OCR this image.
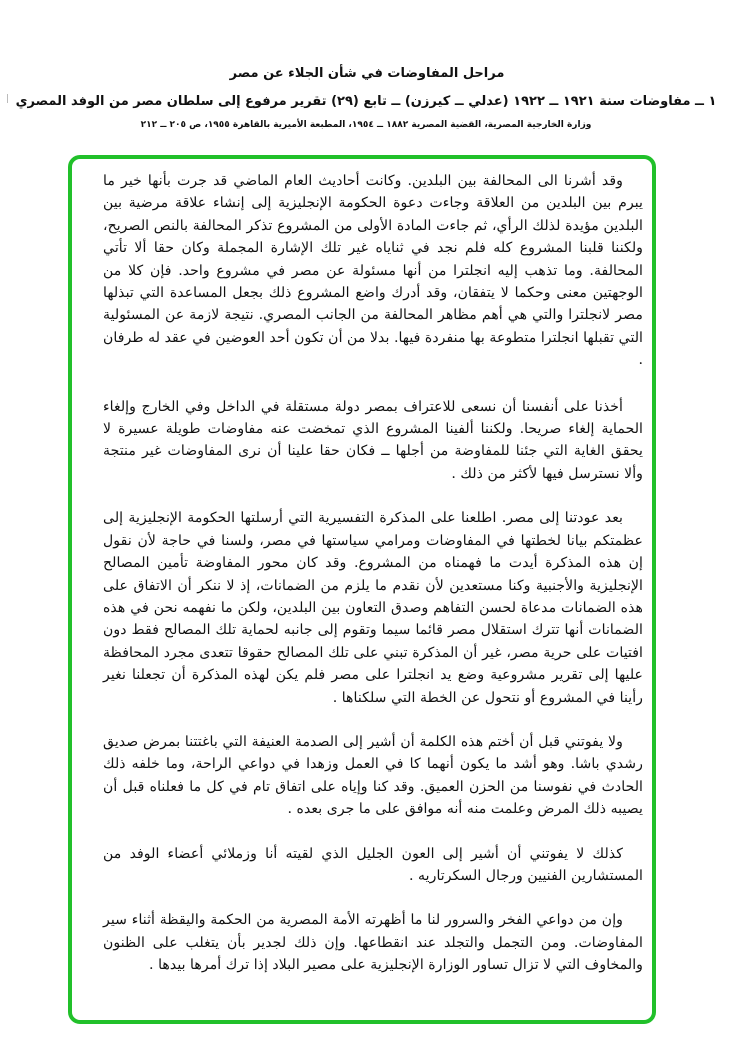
مراحل المفاوضات في شأن الجلاء عن مصر
١ ــ مفاوضات سنة ١٩٢١ ــ ١٩٢٢ (عدلي ــ كيرزن) ــ تابع (٢٩) تقرير مرفوع إلى سلطان مصر من الوفد المصري
وزارة الخارجية المصرية، القضية المصرية ١٨٨٢ ــ ١٩٥٤، المطبعة الأميرية بالقاهرة ١٩٥٥، ص ٢٠٥ ــ ٢١٢

وقد أشرنا الى المحالفة بين البلدين. وكانت أحاديث العام الماضي قد جرت بأنها خير ما يبرم بين البلدين من العلاقة وجاءت دعوة الحكومة الإنجليزية إلى إنشاء علاقة مرضية بين البلدين مؤيدة لذلك الرأي، ثم جاءت المادة الأولى من المشروع تذكر المحالفة بالنص الصريح، ولكننا قلبنا المشروع كله فلم نجد في ثناياه غير تلك الإشارة المجملة وكان حقا ألا تأتي المحالفة. وما تذهب إليه انجلترا من أنها مسئولة عن مصر في مشروع واحد. فإن كلا من الوجهتين معنى وحكما لا يتفقان، وقد أدرك واضع المشروع ذلك بجعل المساعدة التي تبذلها مصر لانجلترا والتي هي أهم مظاهر المحالفة من الجانب المصري. نتيجة لازمة عن المسئولية التي تقبلها انجلترا متطوعة بها منفردة فيها. بدلا من أن تكون أحد العوضين في عقد له طرفان .

أخذنا على أنفسنا أن نسعى للاعتراف بمصر دولة مستقلة في الداخل وفي الخارج وإلغاء الحماية إلغاء صريحا. ولكننا ألفينا المشروع الذي تمخضت عنه مفاوضات طويلة عسيرة لا يحقق الغاية التي جئنا للمفاوضة من أجلها ــ فكان حقا علينا أن نرى المفاوضات غير منتجة وألا نسترسل فيها لأكثر من ذلك .

بعد عودتنا إلى مصر. اطلعنا على المذكرة التفسيرية التي أرسلتها الحكومة الإنجليزية إلى عظمتكم بيانا لخطتها في المفاوضات ومرامي سياستها في مصر، ولسنا في حاجة لأن نقول إن هذه المذكرة أيدت ما فهمناه من المشروع. وقد كان محور المفاوضة تأمين المصالح الإنجليزية والأجنبية وكنا مستعدين لأن نقدم ما يلزم من الضمانات، إذ لا ننكر أن الاتفاق على هذه الضمانات مدعاة لحسن التفاهم وصدق التعاون بين البلدين، ولكن ما نفهمه نحن في هذه الضمانات أنها تترك استقلال مصر قائما سيما وتقوم إلى جانبه لحماية تلك المصالح فقط دون افتيات على حرية مصر، غير أن المذكرة تبني على تلك المصالح حقوقا تتعدى مجرد المحافظة عليها إلى تقرير مشروعية وضع يد انجلترا على مصر فلم يكن لهذه المذكرة أن تجعلنا نغير رأينا في المشروع أو نتحول عن الخطة التي سلكناها .

ولا يفوتني قبل أن أختم هذه الكلمة أن أشير إلى الصدمة العنيفة التي باغتتنا بمرض صديق رشدي باشا. وهو أشد ما يكون أنهما كا في العمل وزهدا في دواعي الراحة، وما خلفه ذلك الحادث في نفوسنا من الحزن العميق. وقد كنا وإياه على اتفاق تام في كل ما فعلناه قبل أن يصيبه ذلك المرض وعلمت منه أنه موافق على ما جرى بعده .

كذلك لا يفوتني أن أشير إلى العون الجليل الذي لقيته أنا وزملائي أعضاء الوفد من المستشارين الفنيين ورجال السكرتاريه .

وإن من دواعي الفخر والسرور لنا ما أظهرته الأمة المصرية من الحكمة واليقظة أثناء سير المفاوضات. ومن التجمل والتجلد عند انقطاعها. وإن ذلك لجدير بأن يتغلب على الظنون والمخاوف التي لا تزال تساور الوزارة الإنجليزية على مصير البلاد إذا ترك أمرها بيدها .
